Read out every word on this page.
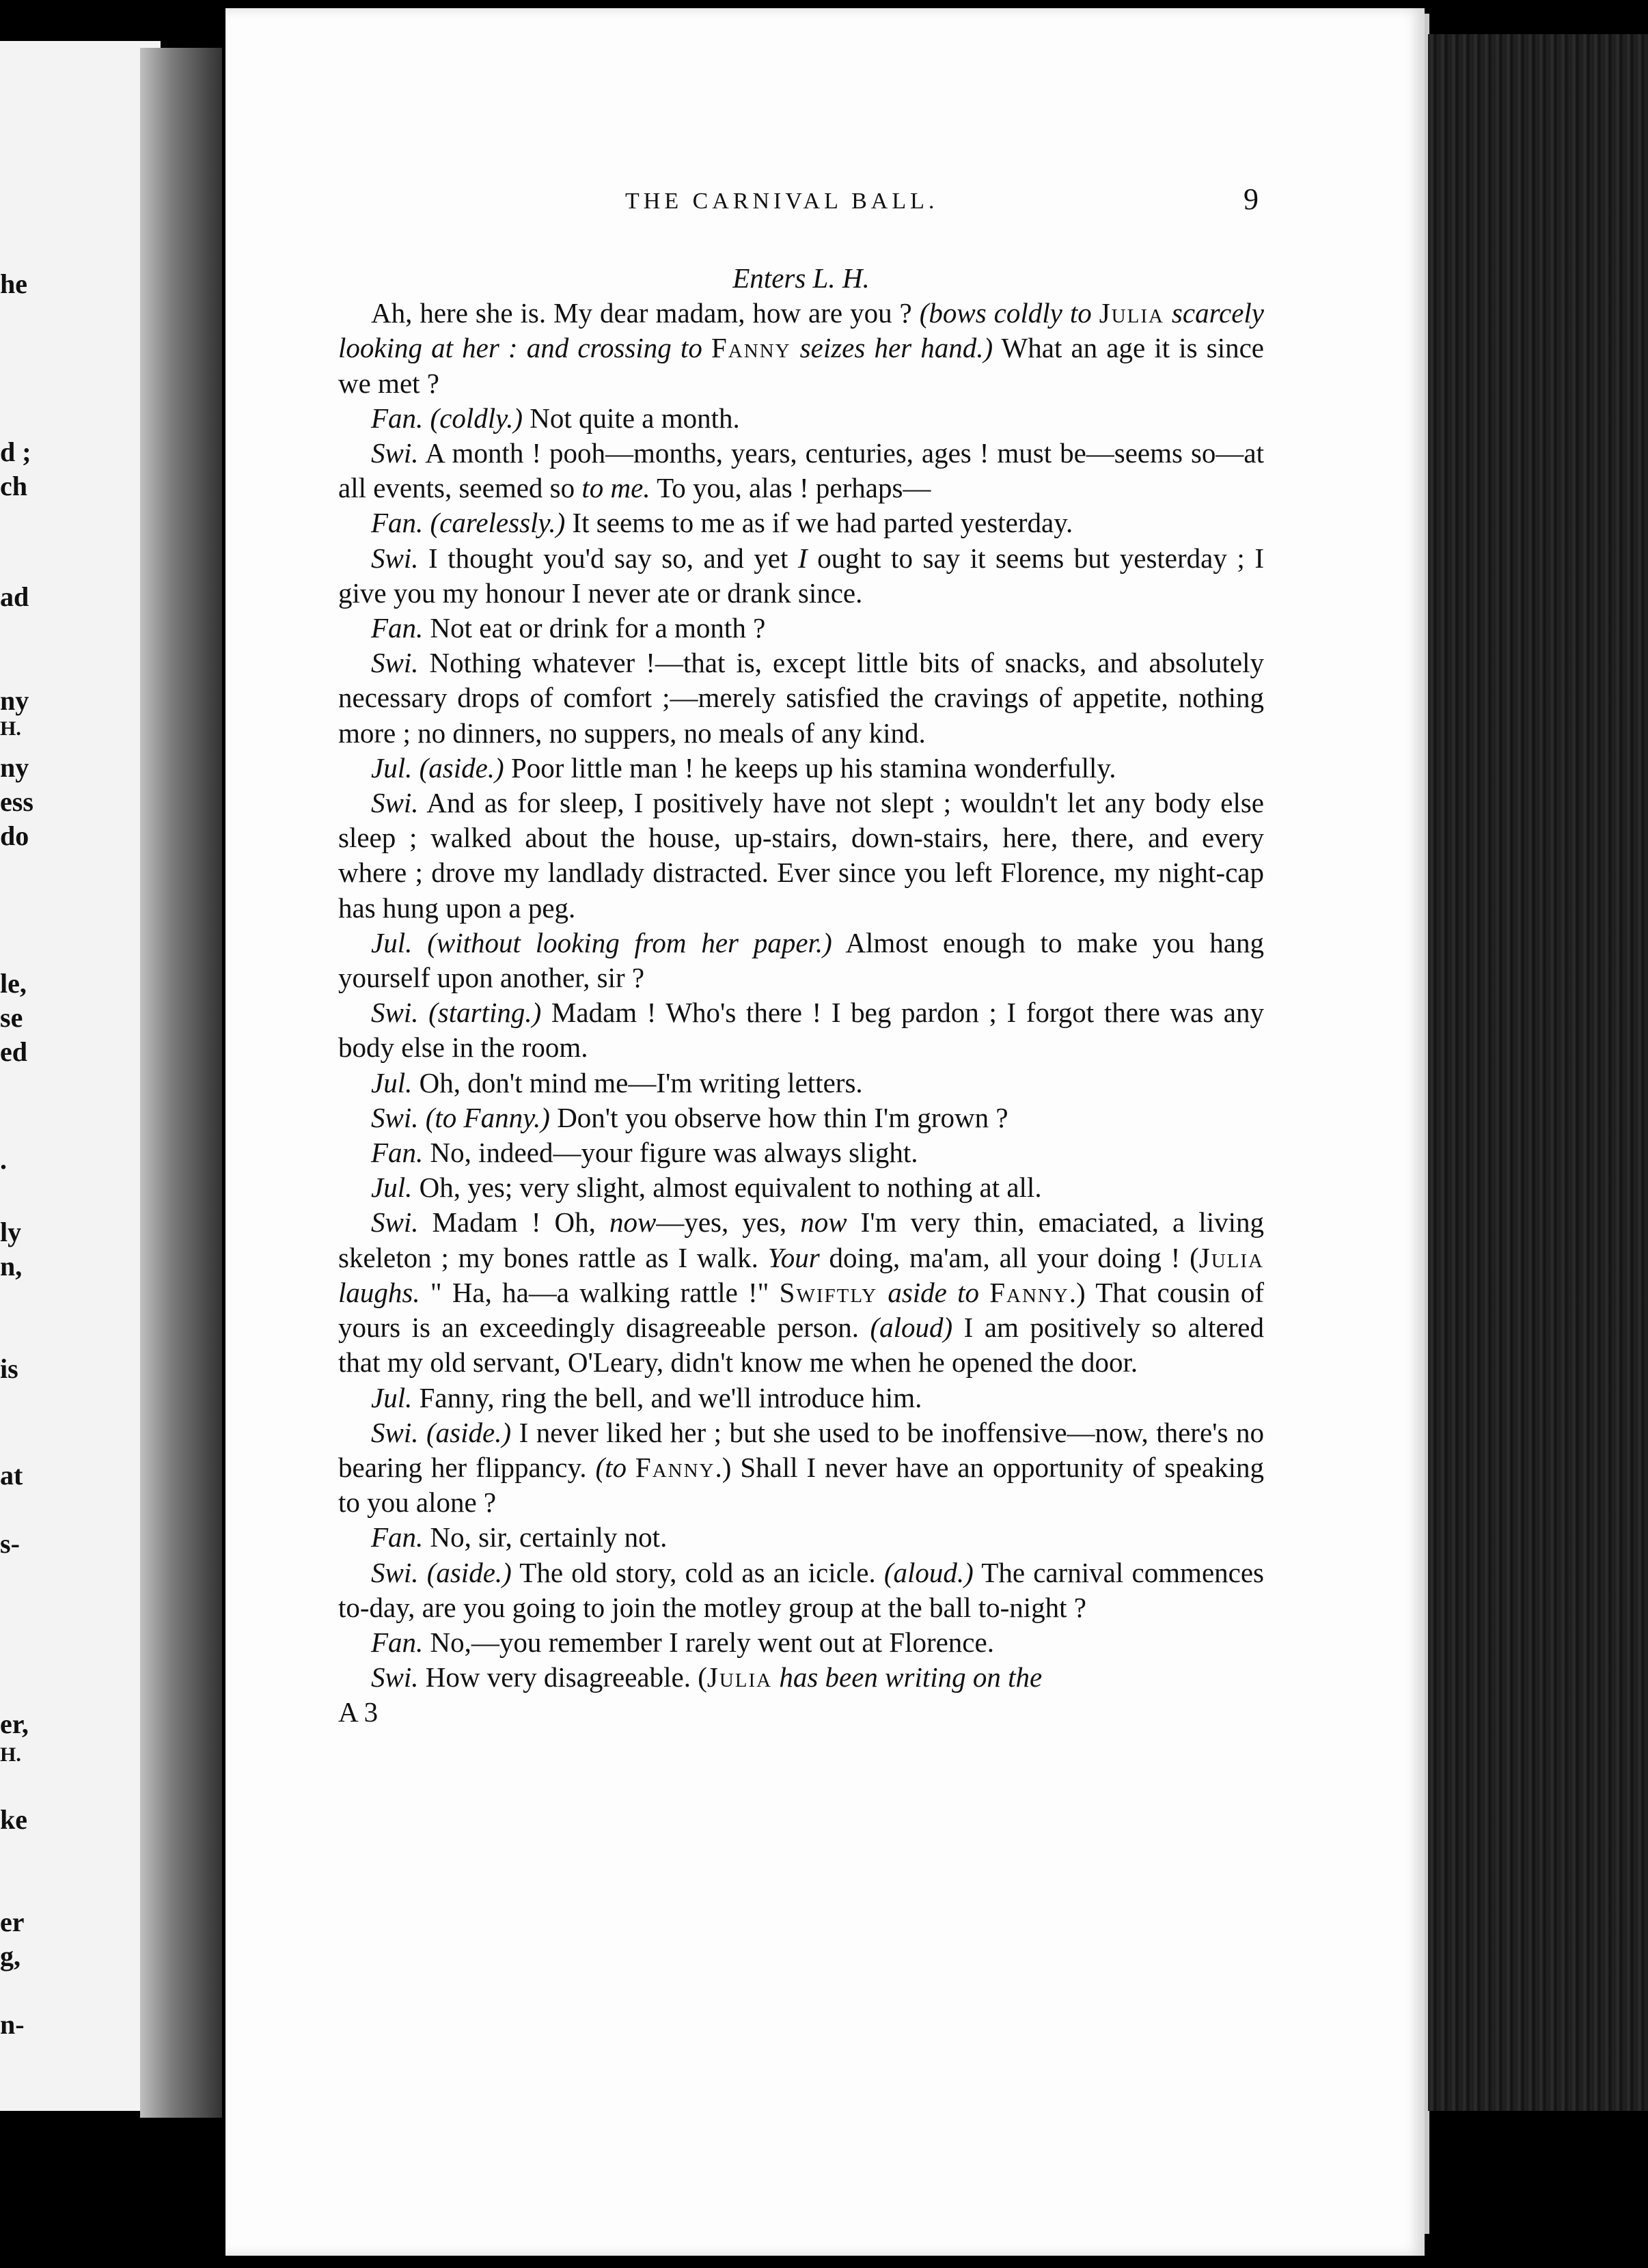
he
d ;
ch
ad
ny
H.
ny
ess
do
le,
se
ed
.
ly
n,
is
at
s-
er,
H.
ke
er
g,
n-
THE CARNIVAL BALL.	9

Enters L. H.

Ah, here she is. My dear madam, how are you ? (bows coldly to Julia scarcely looking at her : and crossing to Fanny seizes her hand.) What an age it is since we met ?

Fan. (coldly.) Not quite a month.

Swi. A month ! pooh—months, years, centuries, ages ! must be—seems so—at all events, seemed so to me. To you, alas ! perhaps—

Fan. (carelessly.) It seems to me as if we had parted yesterday.

Swi. I thought you'd say so, and yet I ought to say it seems but yesterday ; I give you my honour I never ate or drank since.

Fan. Not eat or drink for a month ?

Swi. Nothing whatever !—that is, except little bits of snacks, and absolutely necessary drops of comfort ;—merely satisfied the cravings of appetite, nothing more ; no dinners, no suppers, no meals of any kind.

Jul. (aside.) Poor little man ! he keeps up his stamina wonderfully.

Swi. And as for sleep, I positively have not slept ; wouldn't let any body else sleep ; walked about the house, up-stairs, down-stairs, here, there, and every where ; drove my landlady distracted. Ever since you left Florence, my night-cap has hung upon a peg.

Jul. (without looking from her paper.) Almost enough to make you hang yourself upon another, sir ?

Swi. (starting.) Madam ! Who's there ! I beg pardon ; I forgot there was any body else in the room.

Jul. Oh, don't mind me—I'm writing letters.

Swi. (to Fanny.) Don't you observe how thin I'm grown ?

Fan. No, indeed—your figure was always slight.

Jul. Oh, yes; very slight, almost equivalent to nothing at all.

Swi. Madam ! Oh, now—yes, yes, now I'm very thin, emaciated, a living skeleton ; my bones rattle as I walk. Your doing, ma'am, all your doing ! (Julia laughs. " Ha, ha—a walking rattle !" Swiftly aside to Fanny.) That cousin of yours is an exceedingly disagreeable person. (aloud) I am positively so altered that my old servant, O'Leary, didn't know me when he opened the door.

Jul. Fanny, ring the bell, and we'll introduce him.

Swi. (aside.) I never liked her ; but she used to be inoffensive—now, there's no bearing her flippancy. (to Fanny.) Shall I never have an opportunity of speaking to you alone ?

Fan. No, sir, certainly not.

Swi. (aside.) The old story, cold as an icicle. (aloud.) The carnival commences to-day, are you going to join the motley group at the ball to-night ?

Fan. No,—you remember I rarely went out at Florence.

Swi. How very disagreeable. (Julia has been writing on the

A 3
